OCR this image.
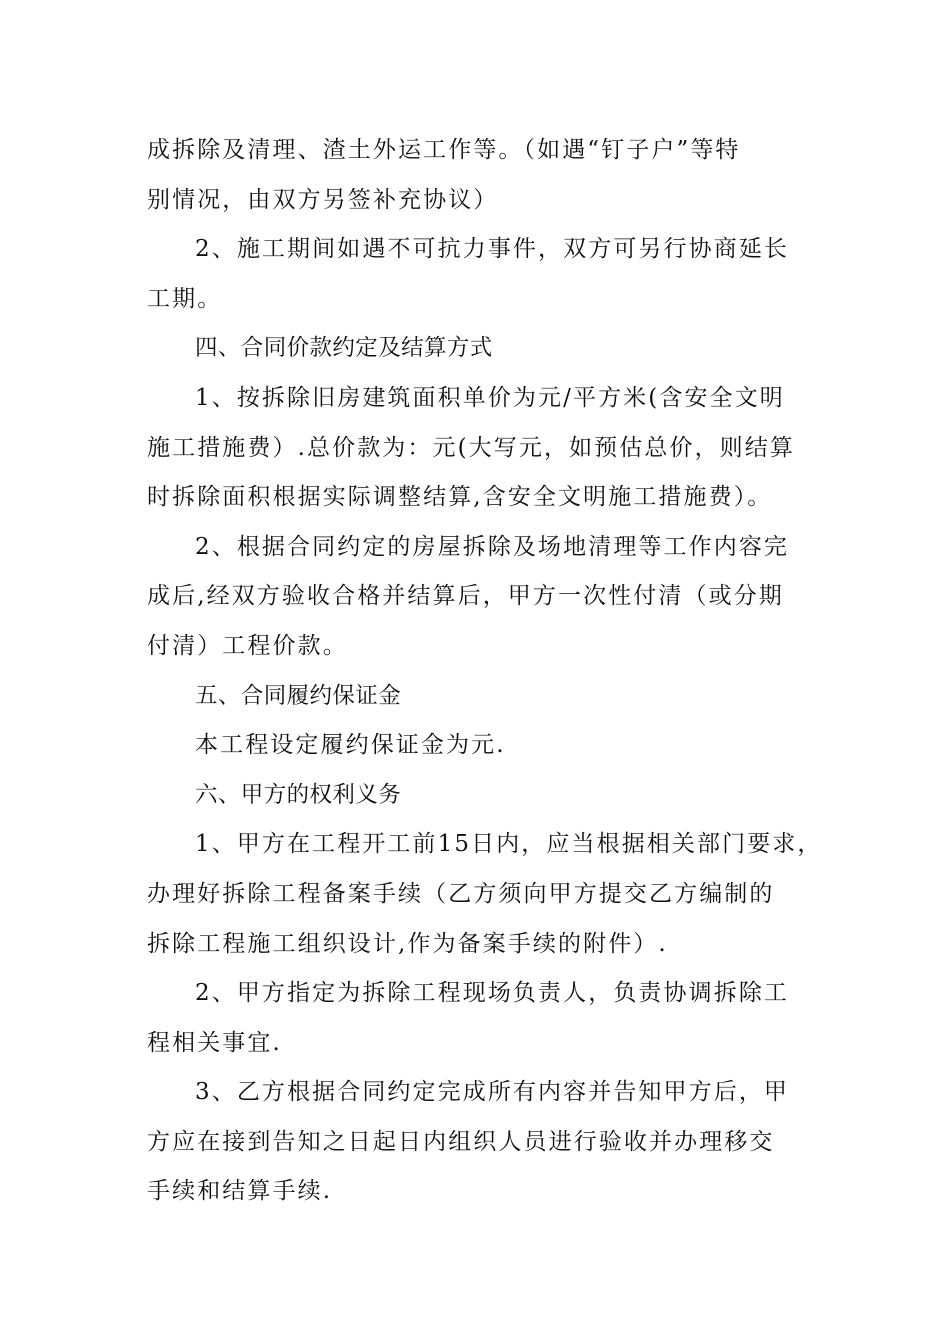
成拆除及清理、渣土外运工作等。（如遇“钉子户”等特
别情况，由双方另签补充协议）
2、施工期间如遇不可抗力事件，双方可另行协商延长
工期。
四、合同价款约定及结算方式
1、按拆除旧房建筑面积单价为元/平方米(含安全文明
施工措施费）.总价款为：元(大写元，如预估总价，则结算
时拆除面积根据实际调整结算,含安全文明施工措施费）。
2、根据合同约定的房屋拆除及场地清理等工作内容完
成后,经双方验收合格并结算后，甲方一次性付清（或分期
付清）工程价款。
五、合同履约保证金
本工程设定履约保证金为元.
六、甲方的权利义务
1、甲方在工程开工前15日内，应当根据相关部门要求，
办理好拆除工程备案手续（乙方须向甲方提交乙方编制的
拆除工程施工组织设计,作为备案手续的附件）.
2、甲方指定为拆除工程现场负责人，负责协调拆除工
程相关事宜.
3、乙方根据合同约定完成所有内容并告知甲方后，甲
方应在接到告知之日起日内组织人员进行验收并办理移交
手续和结算手续.
